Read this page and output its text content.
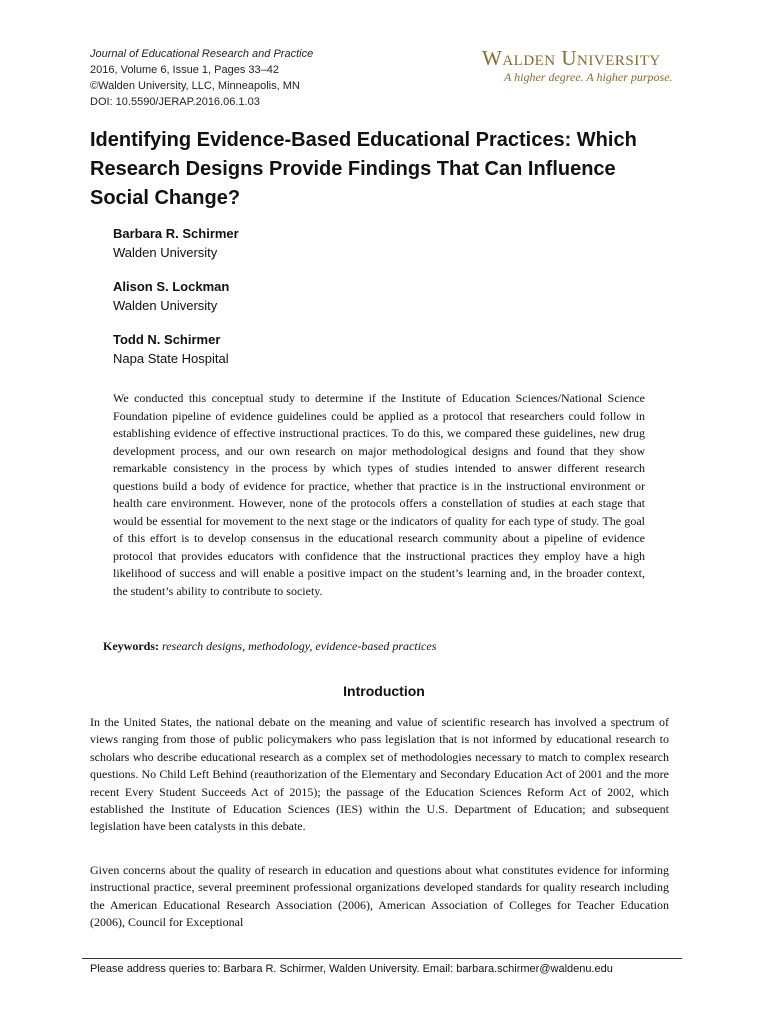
Journal of Educational Research and Practice
2016, Volume 6, Issue 1, Pages 33–42
©Walden University, LLC, Minneapolis, MN
DOI: 10.5590/JERAP.2016.06.1.03
Walden University
A higher degree. A higher purpose.
Identifying Evidence-Based Educational Practices: Which Research Designs Provide Findings That Can Influence Social Change?
Barbara R. Schirmer
Walden University
Alison S. Lockman
Walden University
Todd N. Schirmer
Napa State Hospital

We conducted this conceptual study to determine if the Institute of Education Sciences/National Science Foundation pipeline of evidence guidelines could be applied as a protocol that researchers could follow in establishing evidence of effective instructional practices. To do this, we compared these guidelines, new drug development process, and our own research on major methodological designs and found that they show remarkable consistency in the process by which types of studies intended to answer different research questions build a body of evidence for practice, whether that practice is in the instructional environment or health care environment. However, none of the protocols offers a constellation of studies at each stage that would be essential for movement to the next stage or the indicators of quality for each type of study. The goal of this effort is to develop consensus in the educational research community about a pipeline of evidence protocol that provides educators with confidence that the instructional practices they employ have a high likelihood of success and will enable a positive impact on the student’s learning and, in the broader context, the student’s ability to contribute to society.

Keywords: research designs, methodology, evidence-based practices
Introduction

In the United States, the national debate on the meaning and value of scientific research has involved a spectrum of views ranging from those of public policymakers who pass legislation that is not informed by educational research to scholars who describe educational research as a complex set of methodologies necessary to match to complex research questions. No Child Left Behind (reauthorization of the Elementary and Secondary Education Act of 2001 and the more recent Every Student Succeeds Act of 2015); the passage of the Education Sciences Reform Act of 2002, which established the Institute of Education Sciences (IES) within the U.S. Department of Education; and subsequent legislation have been catalysts in this debate.

Given concerns about the quality of research in education and questions about what constitutes evidence for informing instructional practice, several preeminent professional organizations developed standards for quality research including the American Educational Research Association (2006), American Association of Colleges for Teacher Education (2006), Council for Exceptional

Please address queries to: Barbara R. Schirmer, Walden University. Email: barbara.schirmer@waldenu.edu
